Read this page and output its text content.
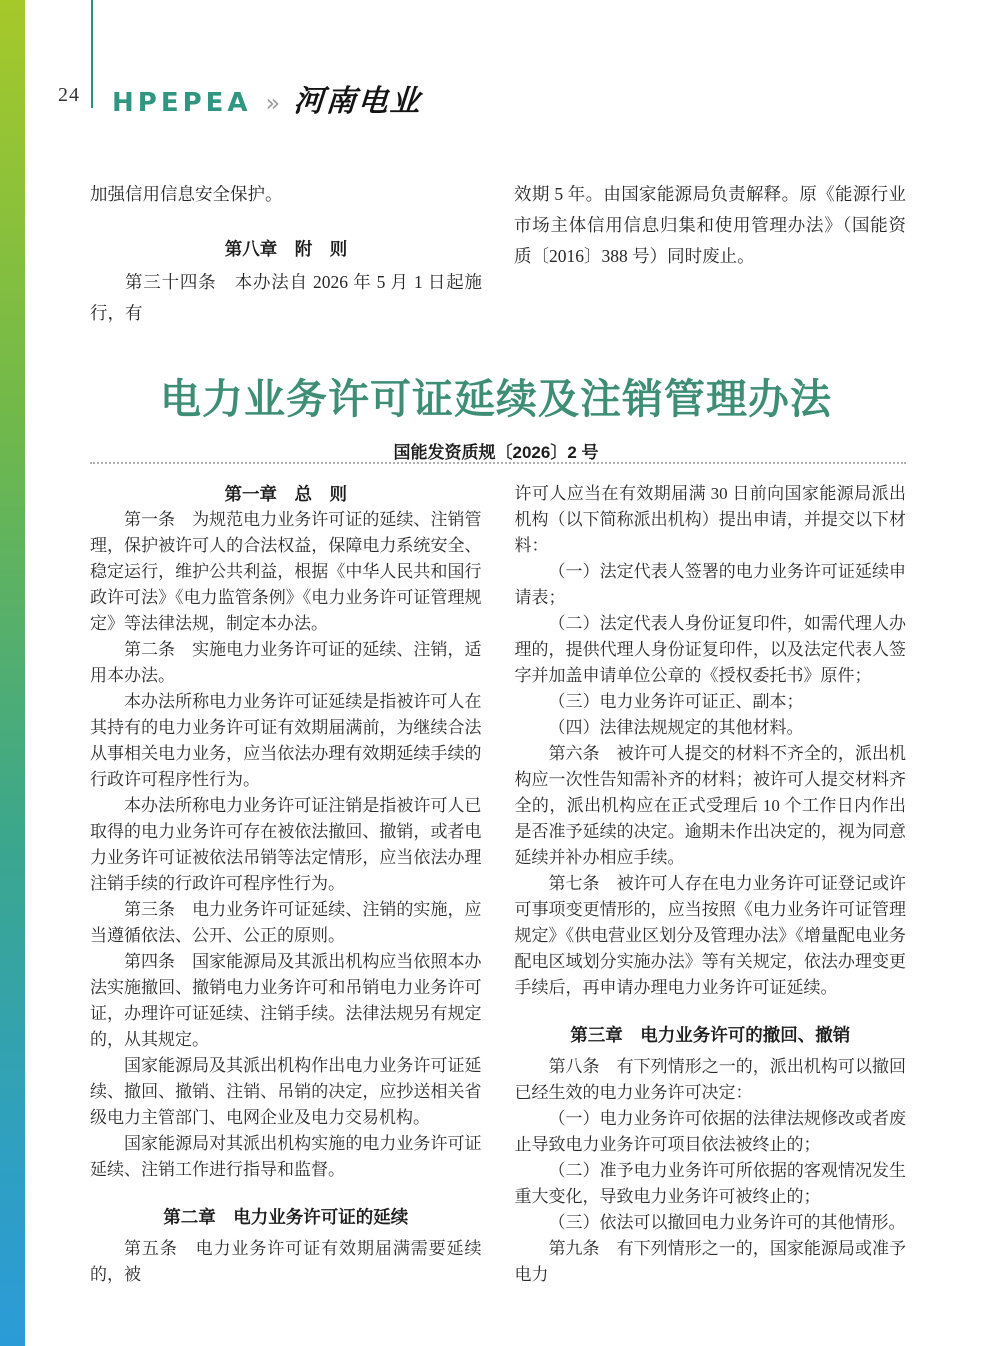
24 HPEPEA » 河南电业

加强信用信息安全保护。

第八章　附　则

第三十四条　本办法自 2026 年 5 月 1 日起施行，有

效期 5 年。由国家能源局负责解释。原《能源行业市场主体信用信息归集和使用管理办法》（国能资质〔2016〕388 号）同时废止。

电力业务许可证延续及注销管理办法
国能发资质规〔2026〕2 号
第一章　总　则

第一条　为规范电力业务许可证的延续、注销管理，保护被许可人的合法权益，保障电力系统安全、稳定运行，维护公共利益，根据《中华人民共和国行政许可法》《电力监管条例》《电力业务许可证管理规定》等法律法规，制定本办法。

第二条　实施电力业务许可证的延续、注销，适用本办法。

本办法所称电力业务许可证延续是指被许可人在其持有的电力业务许可证有效期届满前，为继续合法从事相关电力业务，应当依法办理有效期延续手续的行政许可程序性行为。

本办法所称电力业务许可证注销是指被许可人已取得的电力业务许可存在被依法撤回、撤销，或者电力业务许可证被依法吊销等法定情形，应当依法办理注销手续的行政许可程序性行为。

第三条　电力业务许可证延续、注销的实施，应当遵循依法、公开、公正的原则。

第四条　国家能源局及其派出机构应当依照本办法实施撤回、撤销电力业务许可和吊销电力业务许可证，办理许可证延续、注销手续。法律法规另有规定的，从其规定。

国家能源局及其派出机构作出电力业务许可证延续、撤回、撤销、注销、吊销的决定，应抄送相关省级电力主管部门、电网企业及电力交易机构。

国家能源局对其派出机构实施的电力业务许可证延续、注销工作进行指导和监督。

第二章　电力业务许可证的延续

第五条　电力业务许可证有效期届满需要延续的，被

许可人应当在有效期届满 30 日前向国家能源局派出机构（以下简称派出机构）提出申请，并提交以下材料：

（一）法定代表人签署的电力业务许可证延续申请表；

（二）法定代表人身份证复印件，如需代理人办理的，提供代理人身份证复印件，以及法定代表人签字并加盖申请单位公章的《授权委托书》原件；

（三）电力业务许可证正、副本；

（四）法律法规规定的其他材料。

第六条　被许可人提交的材料不齐全的，派出机构应一次性告知需补齐的材料；被许可人提交材料齐全的，派出机构应在正式受理后 10 个工作日内作出是否准予延续的决定。逾期未作出决定的，视为同意延续并补办相应手续。

第七条　被许可人存在电力业务许可证登记或许可事项变更情形的，应当按照《电力业务许可证管理规定》《供电营业区划分及管理办法》《增量配电业务配电区域划分实施办法》等有关规定，依法办理变更手续后，再申请办理电力业务许可证延续。

第三章　电力业务许可的撤回、撤销

第八条　有下列情形之一的，派出机构可以撤回已经生效的电力业务许可决定：

（一）电力业务许可依据的法律法规修改或者废止导致电力业务许可项目依法被终止的；

（二）准予电力业务许可所依据的客观情况发生重大变化，导致电力业务许可被终止的；

（三）依法可以撤回电力业务许可的其他情形。

第九条　有下列情形之一的，国家能源局或准予电力
